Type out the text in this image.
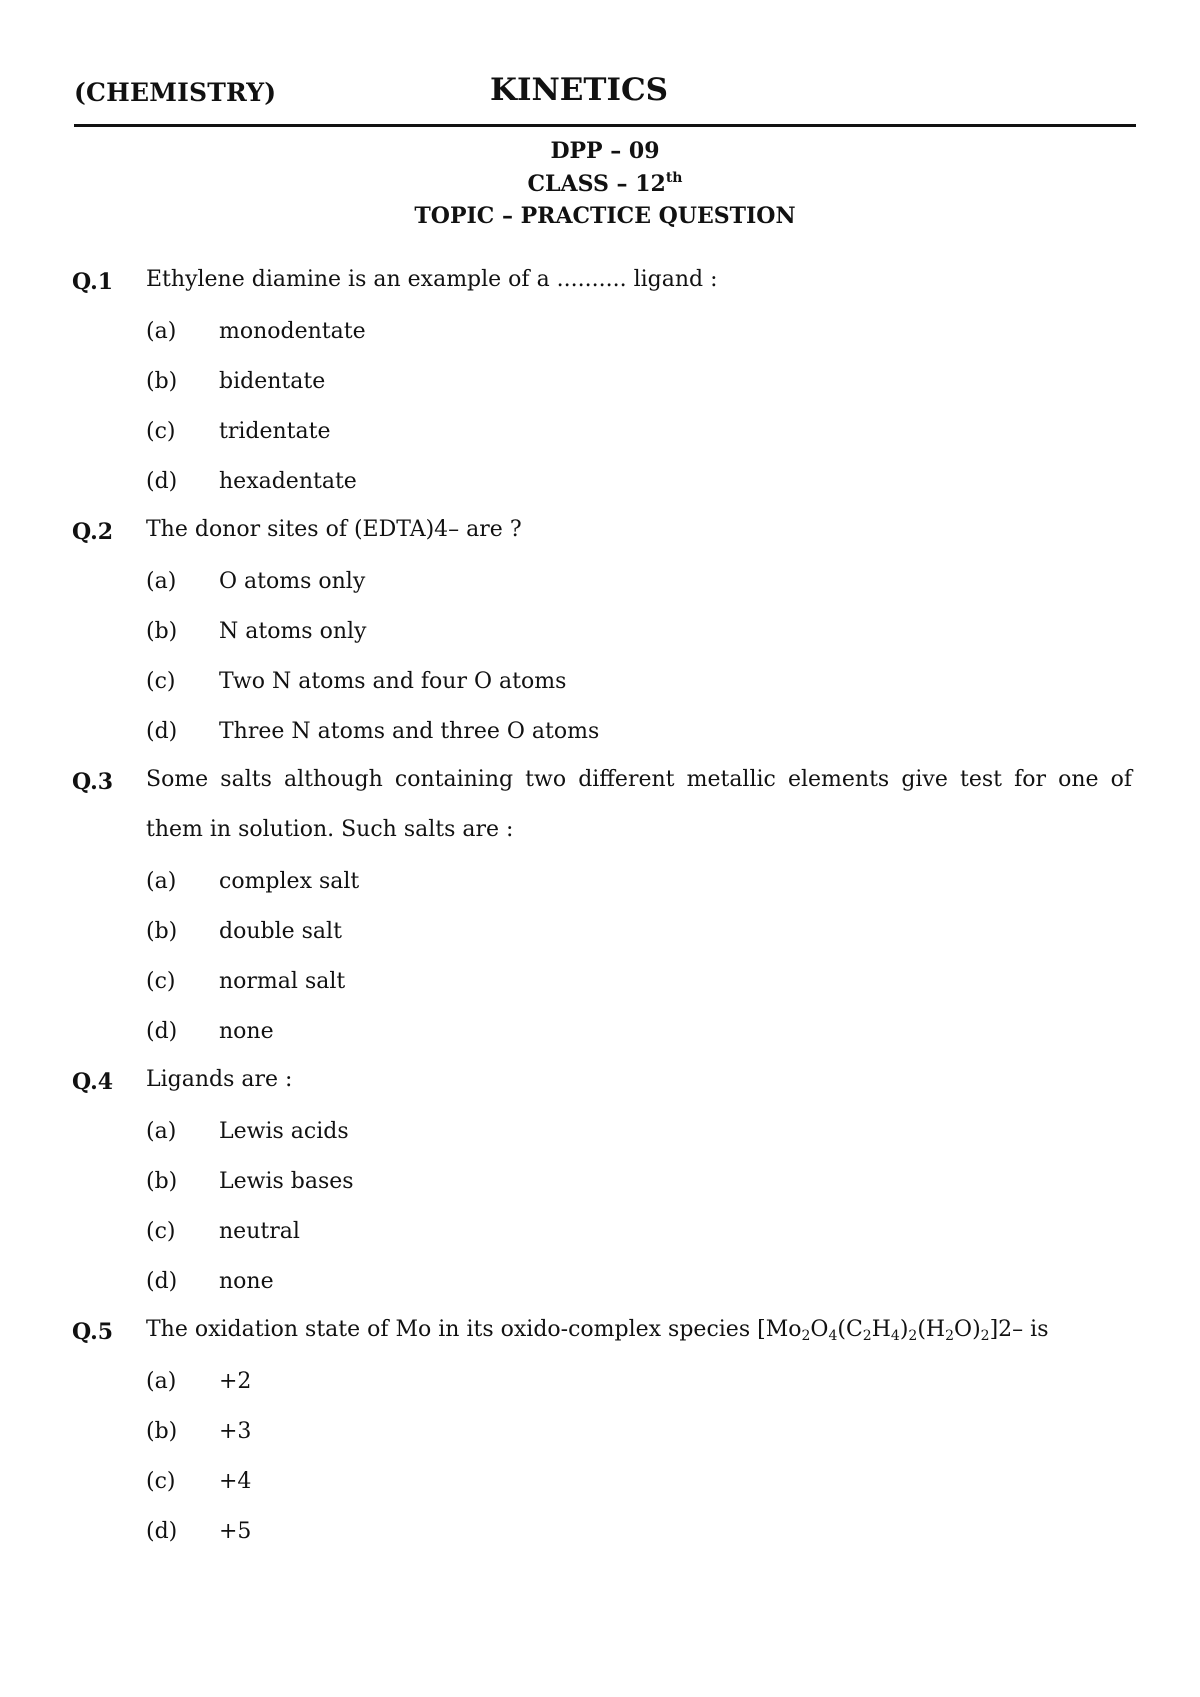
(CHEMISTRY)	KINETICS
DPP – 09
CLASS – 12th
TOPIC – PRACTICE QUESTION
Q.1 Ethylene diamine is an example of a .......... ligand :
(a) monodentate
(b) bidentate
(c) tridentate
(d) hexadentate
Q.2 The donor sites of (EDTA)4– are ?
(a) O atoms only
(b) N atoms only
(c) Two N atoms and four O atoms
(d) Three N atoms and three O atoms
Q.3 Some salts although containing two different metallic elements give test for one of them in solution. Such salts are :
(a) complex salt
(b) double salt
(c) normal salt
(d) none
Q.4 Ligands are :
(a) Lewis acids
(b) Lewis bases
(c) neutral
(d) none
Q.5 The oxidation state of Mo in its oxido-complex species $[Mo_2O_4(C_2H_4)_2(H_2O)_2]2-$ is
(a) +2
(b) +3
(c) +4
(d) +5
